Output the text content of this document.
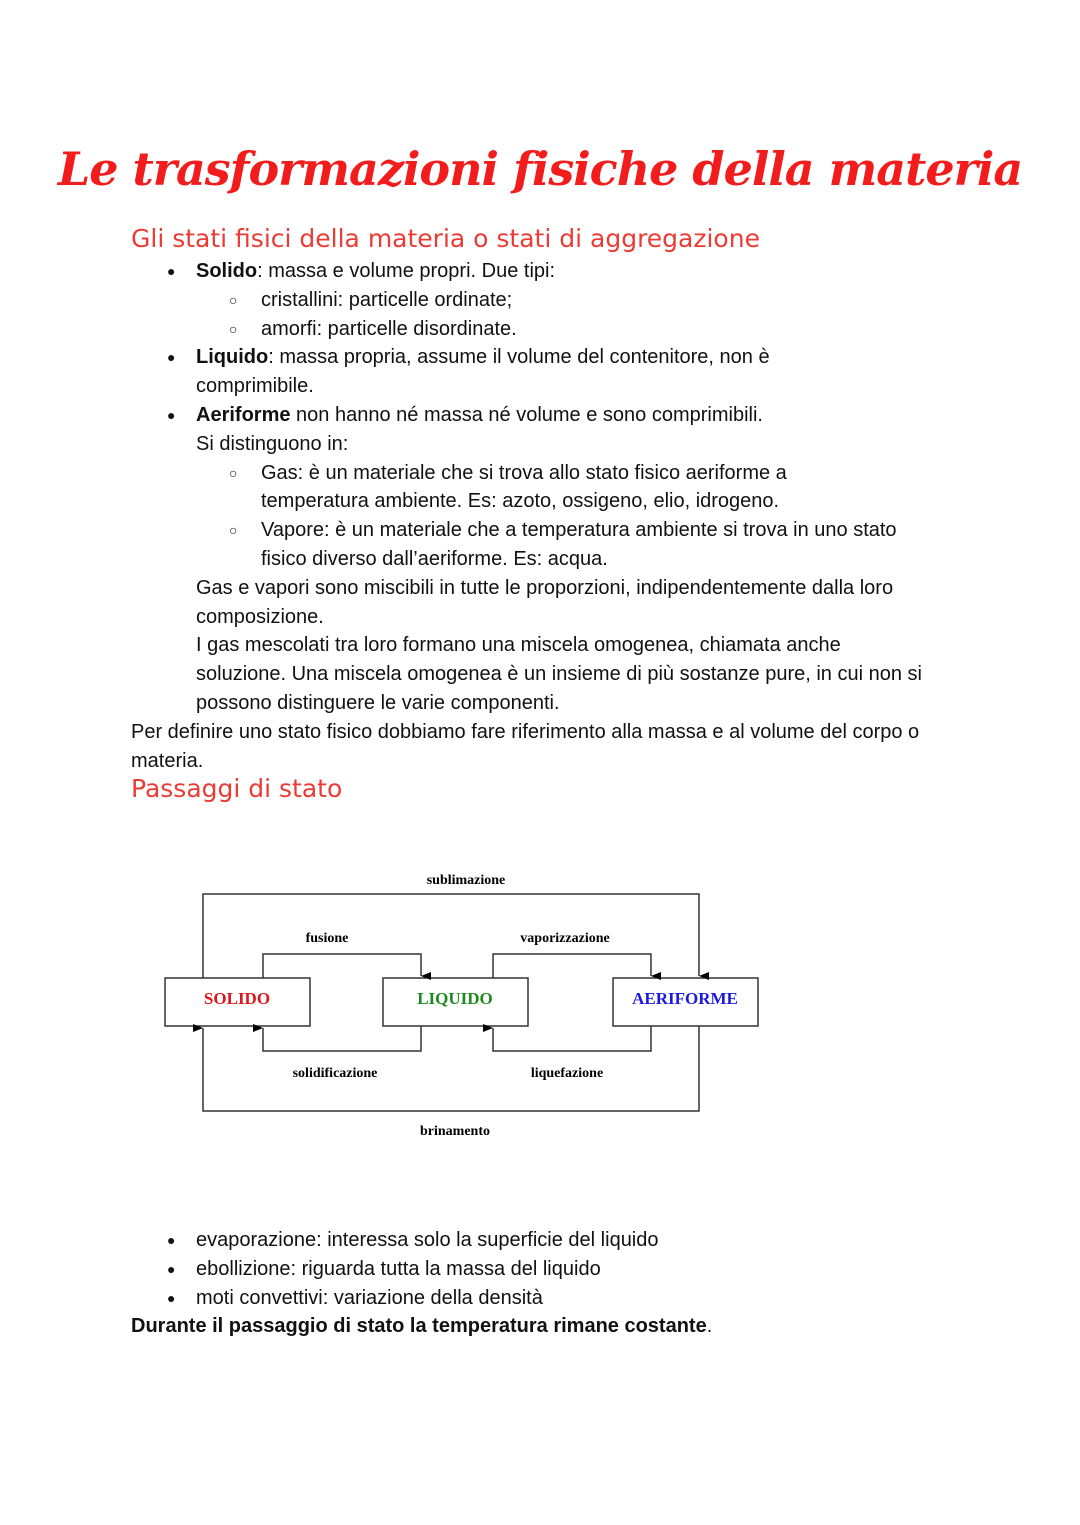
Le trasformazioni fisiche della materia
Gli stati fisici della materia o stati di aggregazione
● Solido: massa e volume propri. Due tipi:
○ cristallini: particelle ordinate;
○ amorfi: particelle disordinate.
● Liquido: massa propria, assume il volume del contenitore, non è comprimibile.
● Aeriforme non hanno né massa né volume e sono comprimibili.
Si distinguono in:
○ Gas: è un materiale che si trova allo stato fisico aeriforme a temperatura ambiente. Es: azoto, ossigeno, elio, idrogeno.
○ Vapore: è un materiale che a temperatura ambiente si trova in uno stato fisico diverso dall’aeriforme. Es: acqua.
Gas e vapori sono miscibili in tutte le proporzioni, indipendentemente dalla loro composizione.
I gas mescolati tra loro formano una miscela omogenea, chiamata anche soluzione. Una miscela omogenea è un insieme di più sostanze pure, in cui non si possono distinguere le varie componenti.
Per definire uno stato fisico dobbiamo fare riferimento alla massa e al volume del corpo o materia.
Passaggi di stato
SOLIDO	LIQUIDO	AERIFORME
sublimazione
fusione	vaporizzazione
solidificazione	liquefazione
brinamento
● evaporazione: interessa solo la superficie del liquido
● ebollizione: riguarda tutta la massa del liquido
● moti convettivi: variazione della densità
Durante il passaggio di stato la temperatura rimane costante.
